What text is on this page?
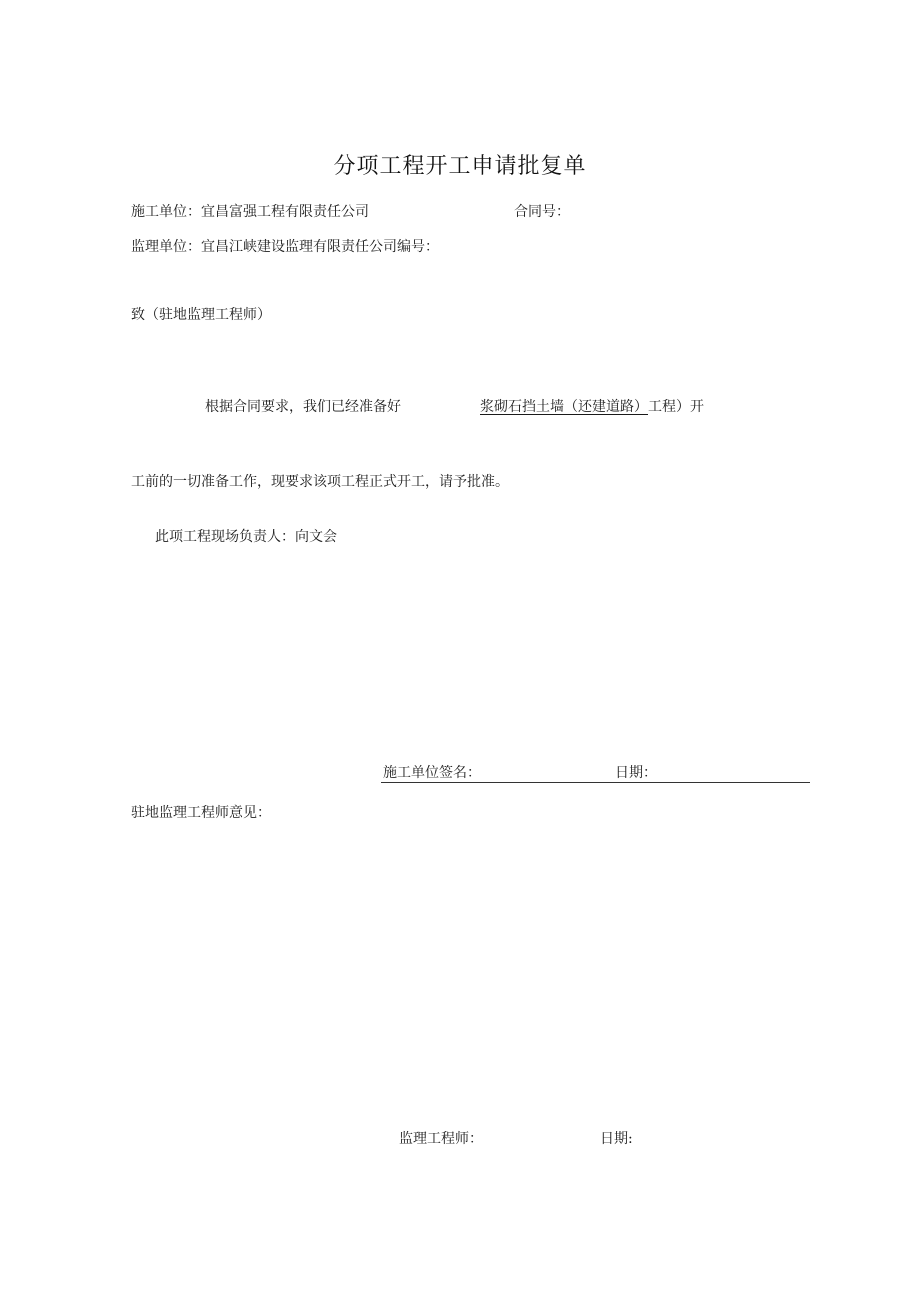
分项工程开工申请批复单
施工单位：宜昌富强工程有限责任公司	合同号：
监理单位：宜昌江峡建设监理有限责任公司编号：
致（驻地监理工程师）
根据合同要求，我们已经准备好	浆砌石挡土墙（还建道路）工程）开
工前的一切准备工作，现要求该项工程正式开工，请予批准。
此项工程现场负责人：向文会
施工单位签名：	日期：
驻地监理工程师意见：
监理工程师：	日期:
